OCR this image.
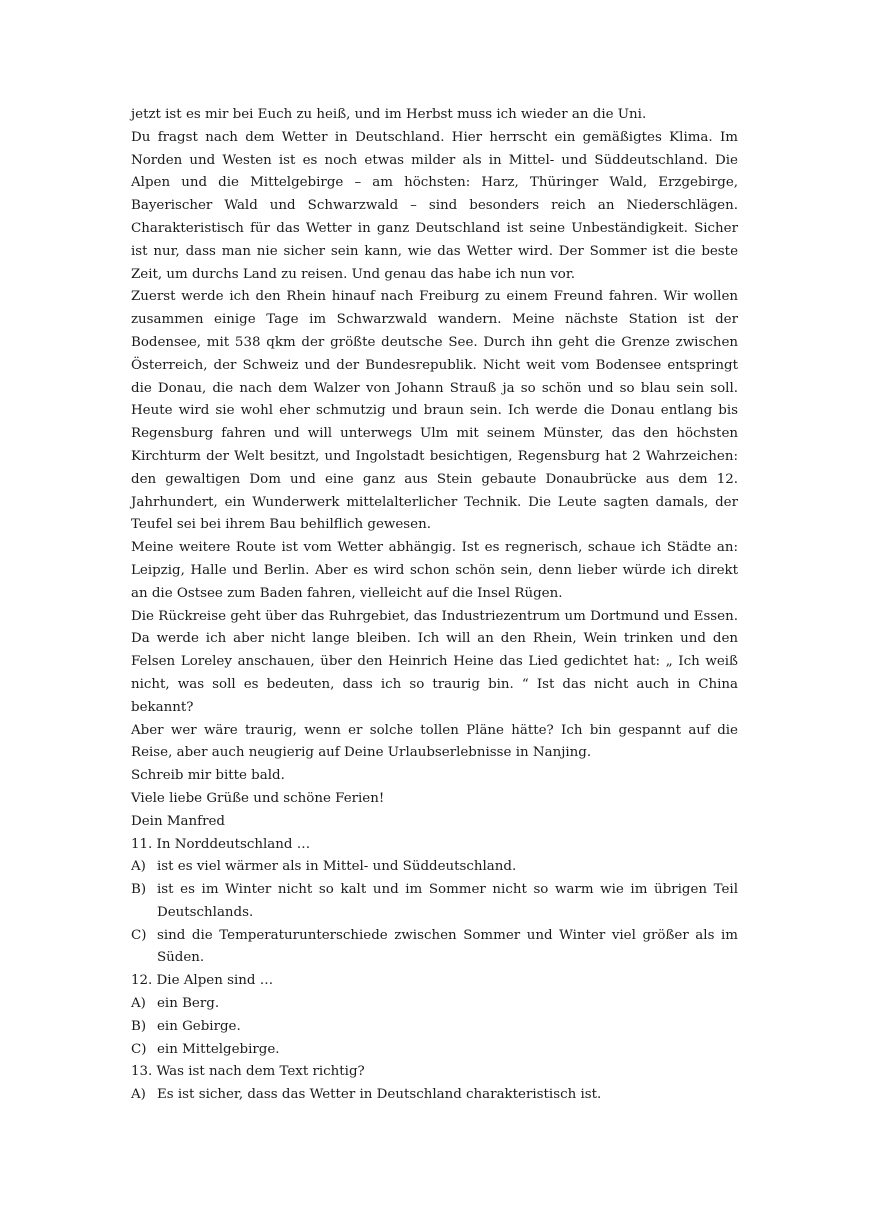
jetzt ist es mir bei Euch zu heiß, und im Herbst muss ich wieder an die Uni.

Du fragst nach dem Wetter in Deutschland. Hier herrscht ein gemäßigtes Klima. Im Norden und Westen ist es noch etwas milder als in Mittel- und Süddeutschland. Die Alpen und die Mittelgebirge – am höchsten: Harz, Thüringer Wald, Erzgebirge, Bayerischer Wald und Schwarzwald – sind besonders reich an Niederschlägen. Charakteristisch für das Wetter in ganz Deutschland ist seine Unbeständigkeit. Sicher ist nur, dass man nie sicher sein kann, wie das Wetter wird. Der Sommer ist die beste Zeit, um durchs Land zu reisen. Und genau das habe ich nun vor.

Zuerst werde ich den Rhein hinauf nach Freiburg zu einem Freund fahren. Wir wollen zusammen einige Tage im Schwarzwald wandern. Meine nächste Station ist der Bodensee, mit 538 qkm der größte deutsche See. Durch ihn geht die Grenze zwischen Österreich, der Schweiz und der Bundesrepublik. Nicht weit vom Bodensee entspringt die Donau, die nach dem Walzer von Johann Strauß ja so schön und so blau sein soll. Heute wird sie wohl eher schmutzig und braun sein. Ich werde die Donau entlang bis Regensburg fahren und will unterwegs Ulm mit seinem Münster, das den höchsten Kirchturm der Welt besitzt, und Ingolstadt besichtigen, Regensburg hat 2 Wahrzeichen: den gewaltigen Dom und eine ganz aus Stein gebaute Donaubrücke aus dem 12. Jahrhundert, ein Wunderwerk mittelalterlicher Technik. Die Leute sagten damals, der Teufel sei bei ihrem Bau behilflich gewesen.

Meine weitere Route ist vom Wetter abhängig. Ist es regnerisch, schaue ich Städte an: Leipzig, Halle und Berlin. Aber es wird schon schön sein, denn lieber würde ich direkt an die Ostsee zum Baden fahren, vielleicht auf die Insel Rügen.

Die Rückreise geht über das Ruhrgebiet, das Industriezentrum um Dortmund und Essen. Da werde ich aber nicht lange bleiben. Ich will an den Rhein, Wein trinken und den Felsen Loreley anschauen, über den Heinrich Heine das Lied gedichtet hat: „ Ich weiß nicht, was soll es bedeuten, dass ich so traurig bin. “ Ist das nicht auch in China bekannt?

Aber wer wäre traurig, wenn er solche tollen Pläne hätte? Ich bin gespannt auf die Reise, aber auch neugierig auf Deine Urlaubserlebnisse in Nanjing.

Schreib mir bitte bald.

Viele liebe Grüße und schöne Ferien!

Dein Manfred

11. In Norddeutschland …

A) ist es viel wärmer als in Mittel- und Süddeutschland.

B) ist es im Winter nicht so kalt und im Sommer nicht so warm wie im übrigen Teil Deutschlands.

C) sind die Temperaturunterschiede zwischen Sommer und Winter viel größer als im Süden.

12. Die Alpen sind …

A) ein Berg.

B) ein Gebirge.

C) ein Mittelgebirge.

13. Was ist nach dem Text richtig?

A) Es ist sicher, dass das Wetter in Deutschland charakteristisch ist.
